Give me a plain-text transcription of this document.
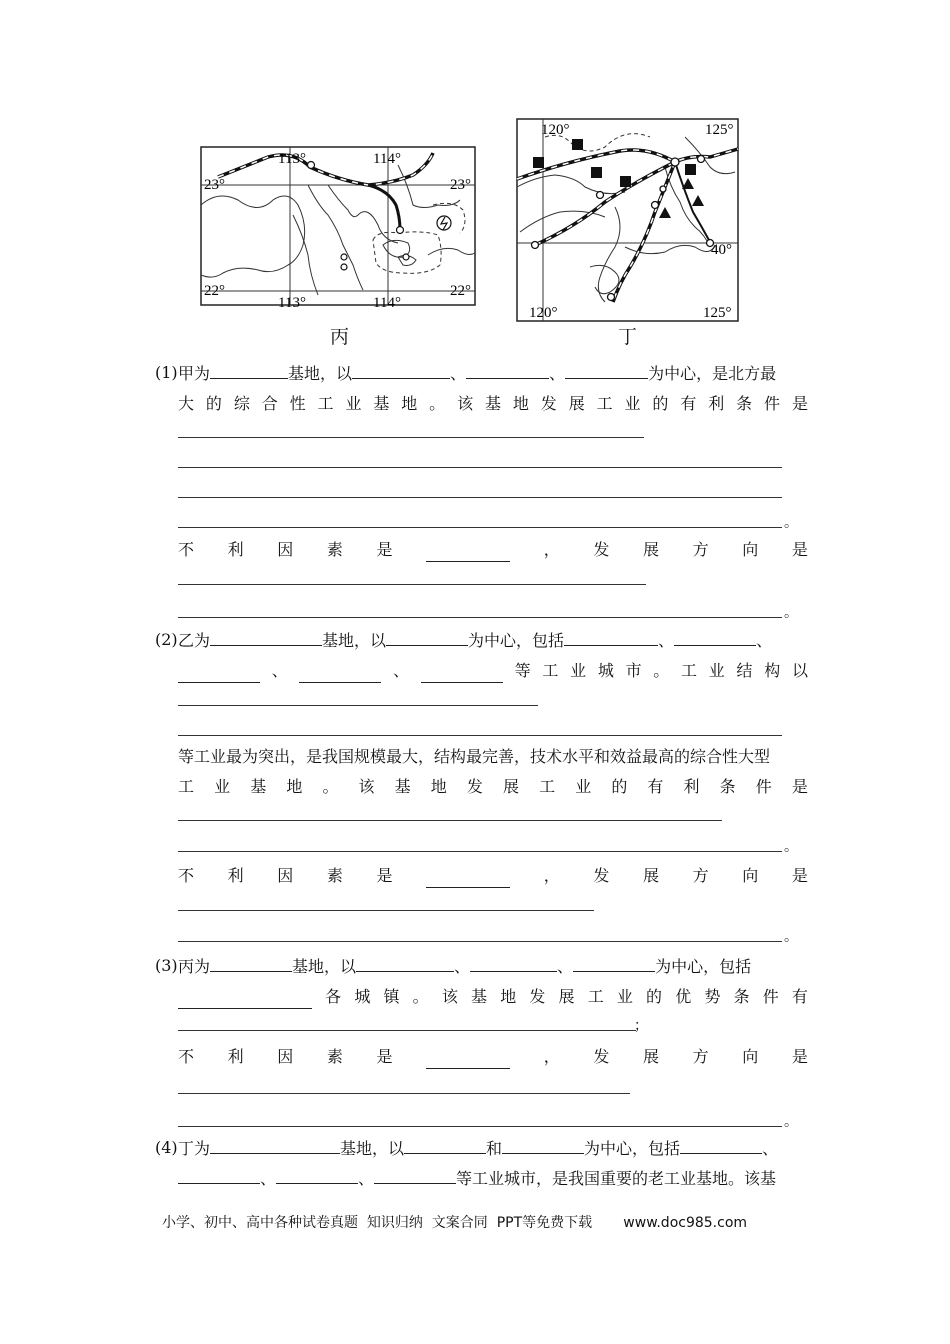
113°	114°
23°	23°
22°	22°
113°	114°
丙
120°	125°
40°
120°	125°
丁
(1) 甲为	基地，以	、	、	为中心，是北方最
大 的 综 合 性 工 业 基 地 。 该 基 地 发 展 工 业 的 有 利 条 件 是
。
不 利 因 素 是	， 发 展 方 向 是
。
(2) 乙为	基地，以	为中心，包括	、	、
、	、	等 工 业 城 市 。 工 业 结 构 以
等工业最为突出，是我国规模最大，结构最完善，技术水平和效益最高的综合性大型
工 业 基 地 。 该 基 地 发 展 工 业 的 有 利 条 件 是
。
不 利 因 素 是	， 发 展 方 向 是
。
(3) 丙为	基地，以	、	、	为中心，包括
各 城 镇 。 该 基 地 发 展 工 业 的 优 势 条 件 有
；
不 利 因 素 是	， 发 展 方 向 是
。
(4) 丁为	基地，以	和	为中心，包括	、
、	、	等工业城市，是我国重要的老工业基地。该基
小学、初中、高中各种试卷真题  知识归纳  文案合同  PPT等免费下载       www.doc985.com
